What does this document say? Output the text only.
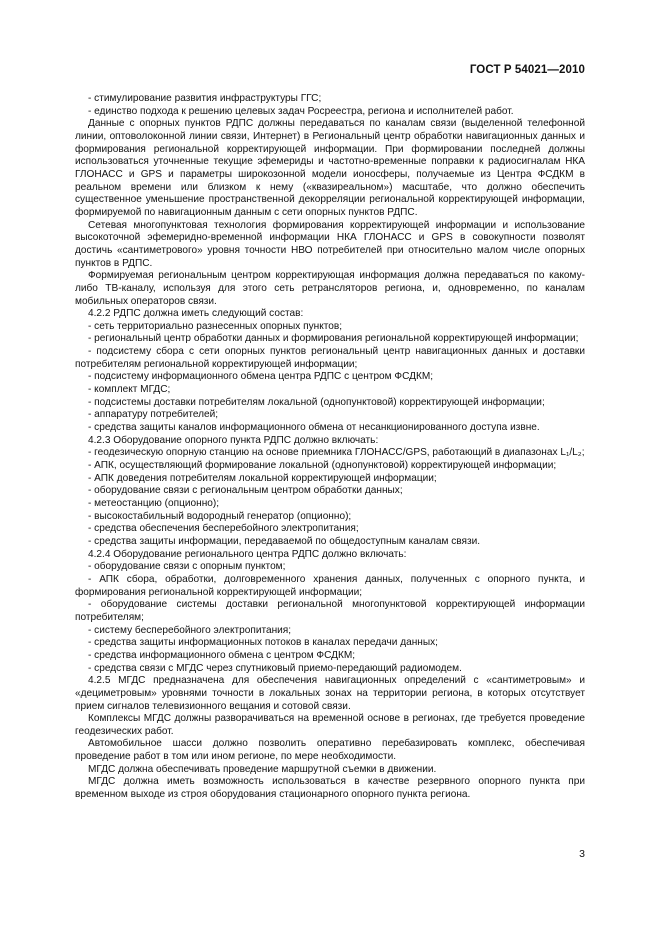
ГОСТ Р 54021—2010

- стимулирование развития инфраструктуры ГГС;

- единство подхода к решению целевых задач Росреестра, региона и исполнителей работ.

Данные с опорных пунктов РДПС должны передаваться по каналам связи (выделенной телефонной линии, оптоволоконной линии связи, Интернет) в Региональный центр обработки навигационных данных и формирования региональной корректирующей информации. При формировании последней должны использоваться уточненные текущие эфемериды и частотно-временные поправки к радиосигналам НКА ГЛОНАСС и GPS и параметры широкозонной модели ионосферы, получаемые из Центра ФСДКМ в реальном времени или близком к нему («квазиреальном») масштабе, что должно обеспечить существенное уменьшение пространственной декорреляции региональной корректирующей информации, формируемой по навигационным данным с сети опорных пунктов РДПС.

Сетевая многопунктовая технология формирования корректирующей информации и использование высокоточной эфемеридно-временной информации НКА ГЛОНАСС и GPS в совокупности позволят достичь «сантиметрового» уровня точности НВО потребителей при относительно малом числе опорных пунктов в РДПС.

Формируемая региональным центром корректирующая информация должна передаваться по какому-либо ТВ-каналу, используя для этого сеть ретрансляторов региона, и, одновременно, по каналам мобильных операторов связи.

4.2.2 РДПС должна иметь следующий состав:

- сеть территориально разнесенных опорных пунктов;

- региональный центр обработки данных и формирования региональной корректирующей информации;

- подсистему сбора с сети опорных пунктов региональный центр навигационных данных и доставки потребителям региональной корректирующей информации;

- подсистему информационного обмена центра РДПС с центром ФСДКМ;

- комплект МГДС;

- подсистемы доставки потребителям локальной (однопунктовой) корректирующей информации;

- аппаратуру потребителей;

- средства защиты каналов информационного обмена от несанкционированного доступа извне.

4.2.3 Оборудование опорного пункта РДПС должно включать:

- геодезическую опорную станцию на основе приемника ГЛОНАСС/GPS, работающий в диапазонах L₁/L₂;

- АПК, осуществляющий формирование локальной (однопунктовой) корректирующей информации;

- АПК доведения потребителям локальной корректирующей информации;

- оборудование связи с региональным центром обработки данных;

- метеостанцию (опционно);

- высокостабильный водородный генератор (опционно);

- средства обеспечения бесперебойного электропитания;

- средства защиты информации, передаваемой по общедоступным каналам связи.

4.2.4 Оборудование регионального центра РДПС должно включать:

- оборудование связи с опорным пунктом;

- АПК сбора, обработки, долговременного хранения данных, полученных с опорного пункта, и формирования региональной корректирующей информации;

- оборудование системы доставки региональной многопунктовой корректирующей информации потребителям;

- систему бесперебойного электропитания;

- средства защиты информационных потоков в каналах передачи данных;

- средства информационного обмена с центром ФСДКМ;

- средства связи с МГДС через спутниковый приемо-передающий радиомодем.

4.2.5 МГДС предназначена для обеспечения навигационных определений с «сантиметровым» и «дециметровым» уровнями точности в локальных зонах на территории региона, в которых отсутствует прием сигналов телевизионного вещания и сотовой связи.

Комплексы МГДС должны разворачиваться на временной основе в регионах, где требуется проведение геодезических работ.

Автомобильное шасси должно позволить оперативно перебазировать комплекс, обеспечивая проведение работ в том или ином регионе, по мере необходимости.

МГДС должна обеспечивать проведение маршрутной съемки в движении.

МГДС должна иметь возможность использоваться в качестве резервного опорного пункта при временном выходе из строя оборудования стационарного опорного пункта региона.

3
